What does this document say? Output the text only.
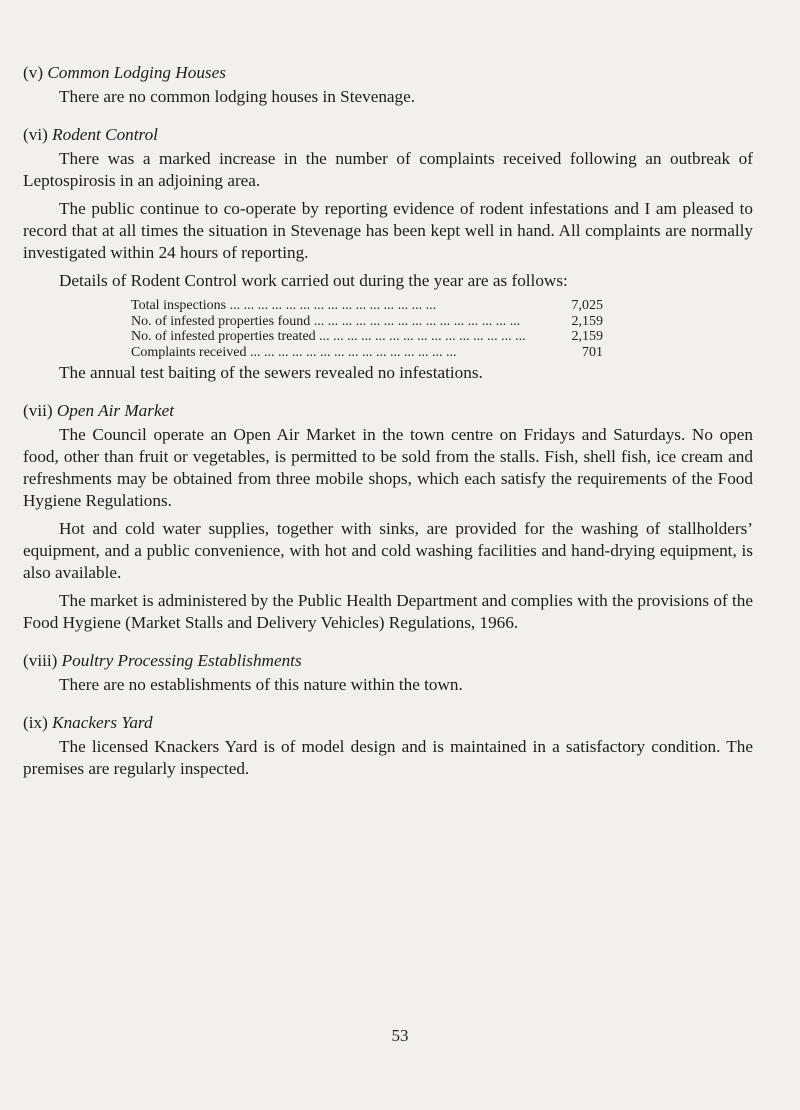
(v) Common Lodging Houses

There are no common lodging houses in Stevenage.

(vi) Rodent Control

There was a marked increase in the number of complaints received following an outbreak of Leptospirosis in an adjoining area.

The public continue to co-operate by reporting evidence of rodent infestations and I am pleased to record that at all times the situation in Stevenage has been kept well in hand. All complaints are normally investigated within 24 hours of reporting.

Details of Rodent Control work carried out during the year are as follows:

Total inspections ... .	7,025
No. of infested properties found ... .	2,159
No. of infested properties treated ... .	2,159
Complaints received ... .	701

The annual test baiting of the sewers revealed no infestations.

(vii) Open Air Market

The Council operate an Open Air Market in the town centre on Fridays and Saturdays. No open food, other than fruit or vegetables, is permitted to be sold from the stalls. Fish, shell fish, ice cream and refreshments may be obtained from three mobile shops, which each satisfy the requirements of the Food Hygiene Regulations.

Hot and cold water supplies, together with sinks, are provided for the washing of stallholders’ equipment, and a public convenience, with hot and cold washing facilities and hand-drying equipment, is also available.

The market is administered by the Public Health Department and complies with the provisions of the Food Hygiene (Market Stalls and Delivery Vehicles) Regulations, 1966.

(viii) Poultry Processing Establishments

There are no establishments of this nature within the town.

(ix) Knackers Yard

The licensed Knackers Yard is of model design and is maintained in a satisfactory condition. The premises are regularly inspected.

53
